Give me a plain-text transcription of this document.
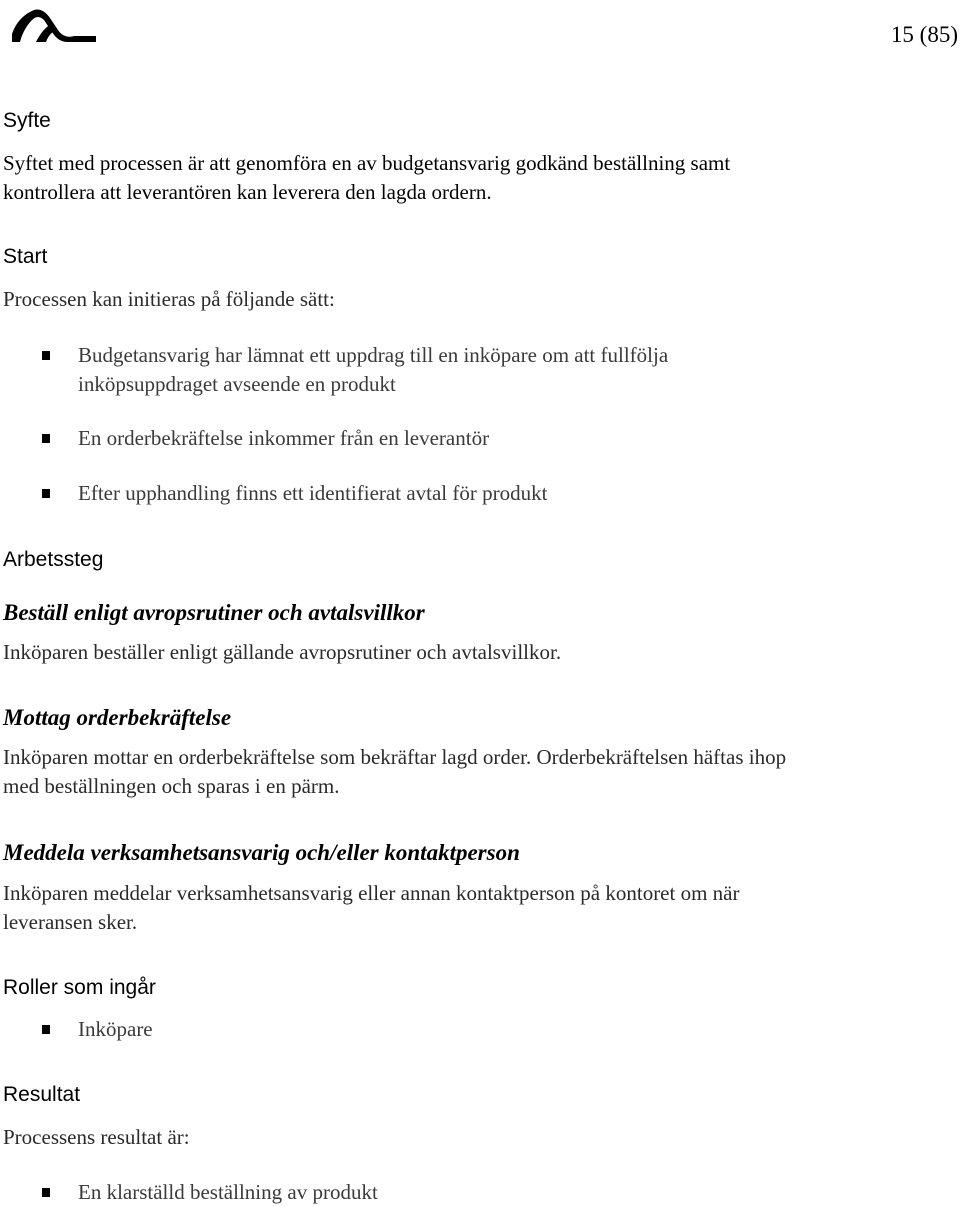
15 (85)
Syfte
Syftet med processen är att genomföra en av budgetansvarig godkänd beställning samt
kontrollera att leverantören kan leverera den lagda ordern.
Start
Processen kan initieras på följande sätt:
Budgetansvarig har lämnat ett uppdrag till en inköpare om att fullfölja
inköpsuppdraget avseende en produkt
En orderbekräftelse inkommer från en leverantör
Efter upphandling finns ett identifierat avtal för produkt
Arbetssteg
Beställ enligt avropsrutiner och avtalsvillkor
Inköparen beställer enligt gällande avropsrutiner och avtalsvillkor.
Mottag orderbekräftelse
Inköparen mottar en orderbekräftelse som bekräftar lagd order. Orderbekräftelsen häftas ihop
med beställningen och sparas i en pärm.
Meddela verksamhetsansvarig och/eller kontaktperson
Inköparen meddelar verksamhetsansvarig eller annan kontaktperson på kontoret om när
leveransen sker.
Roller som ingår
Inköpare
Resultat
Processens resultat är:
En klarställd beställning av produkt
